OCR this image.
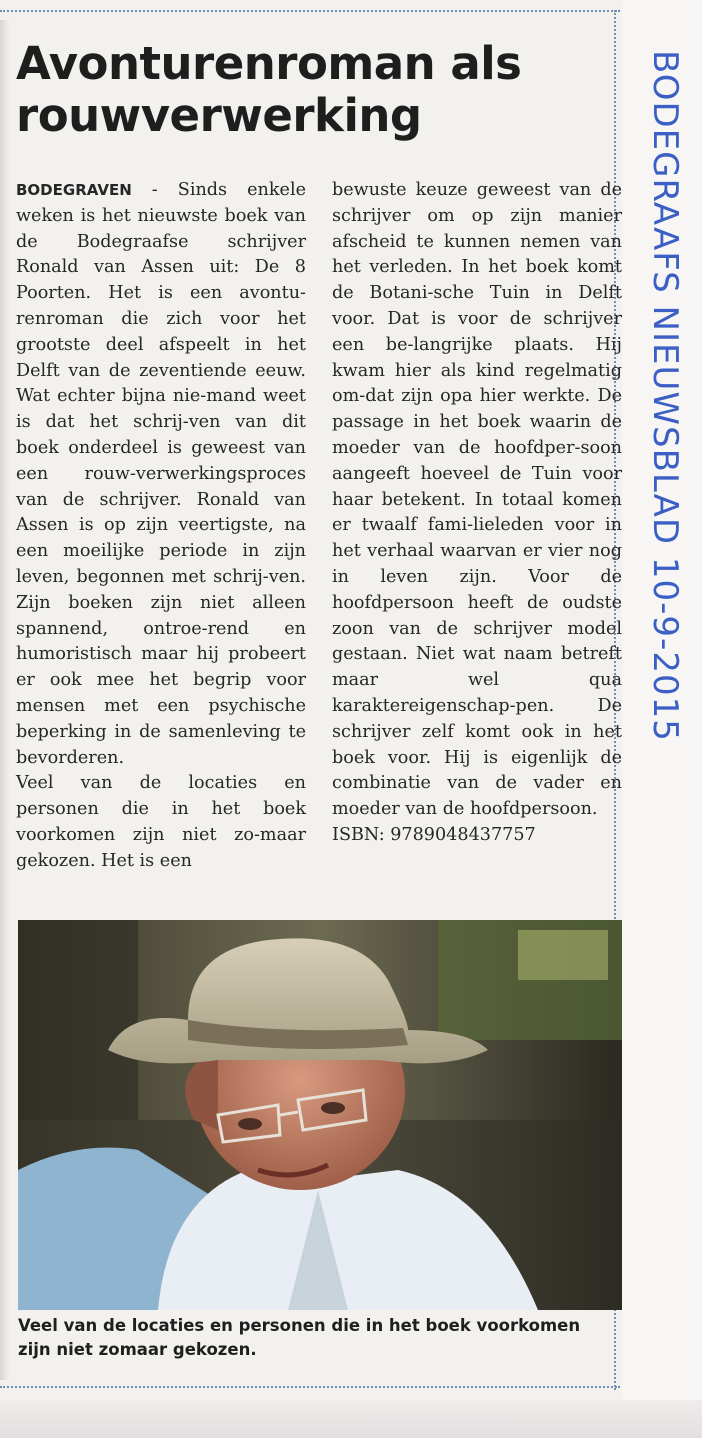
Avonturenroman als rouwverwerking

BODEGRAVEN - Sinds enkele weken is het nieuwste boek van de Bodegraafse schrijver Ronald van Assen uit: De 8 Poorten. Het is een avontu-renroman die zich voor het grootste deel afspeelt in het Delft van de zeventiende eeuw. Wat echter bijna nie-mand weet is dat het schrij-ven van dit boek onderdeel is geweest van een rouw-verwerkingsproces van de schrijver. Ronald van Assen is op zijn veertigste, na een moeilijke periode in zijn leven, begonnen met schrij-ven. Zijn boeken zijn niet alleen spannend, ontroe-rend en humoristisch maar hij probeert er ook mee het begrip voor mensen met een psychische beperking in de samenleving te bevorderen.

Veel van de locaties en personen die in het boek voorkomen zijn niet zo-maar gekozen. Het is een

bewuste keuze geweest van de schrijver om op zijn manier afscheid te kunnen nemen van het verleden. In het boek komt de Botani-sche Tuin in Delft voor. Dat is voor de schrijver een be-langrijke plaats. Hij kwam hier als kind regelmatig om-dat zijn opa hier werkte. De passage in het boek waarin de moeder van de hoofdper-soon aangeeft hoeveel de Tuin voor haar betekent. In totaal komen er twaalf fami-lieleden voor in het verhaal waarvan er vier nog in leven zijn. Voor de hoofdpersoon heeft de oudste zoon van de schrijver model gestaan. Niet wat naam betreft maar wel qua karaktereigenschap-pen. De schrijver zelf komt ook in het boek voor. Hij is eigenlijk de combinatie van de vader en moeder van de hoofdpersoon.

ISBN: 9789048437757

Veel van de locaties en personen die in het boek voorkomen zijn niet zomaar gekozen.

BODEGRAAFS NIEUWSBLAD 10-9-2015
